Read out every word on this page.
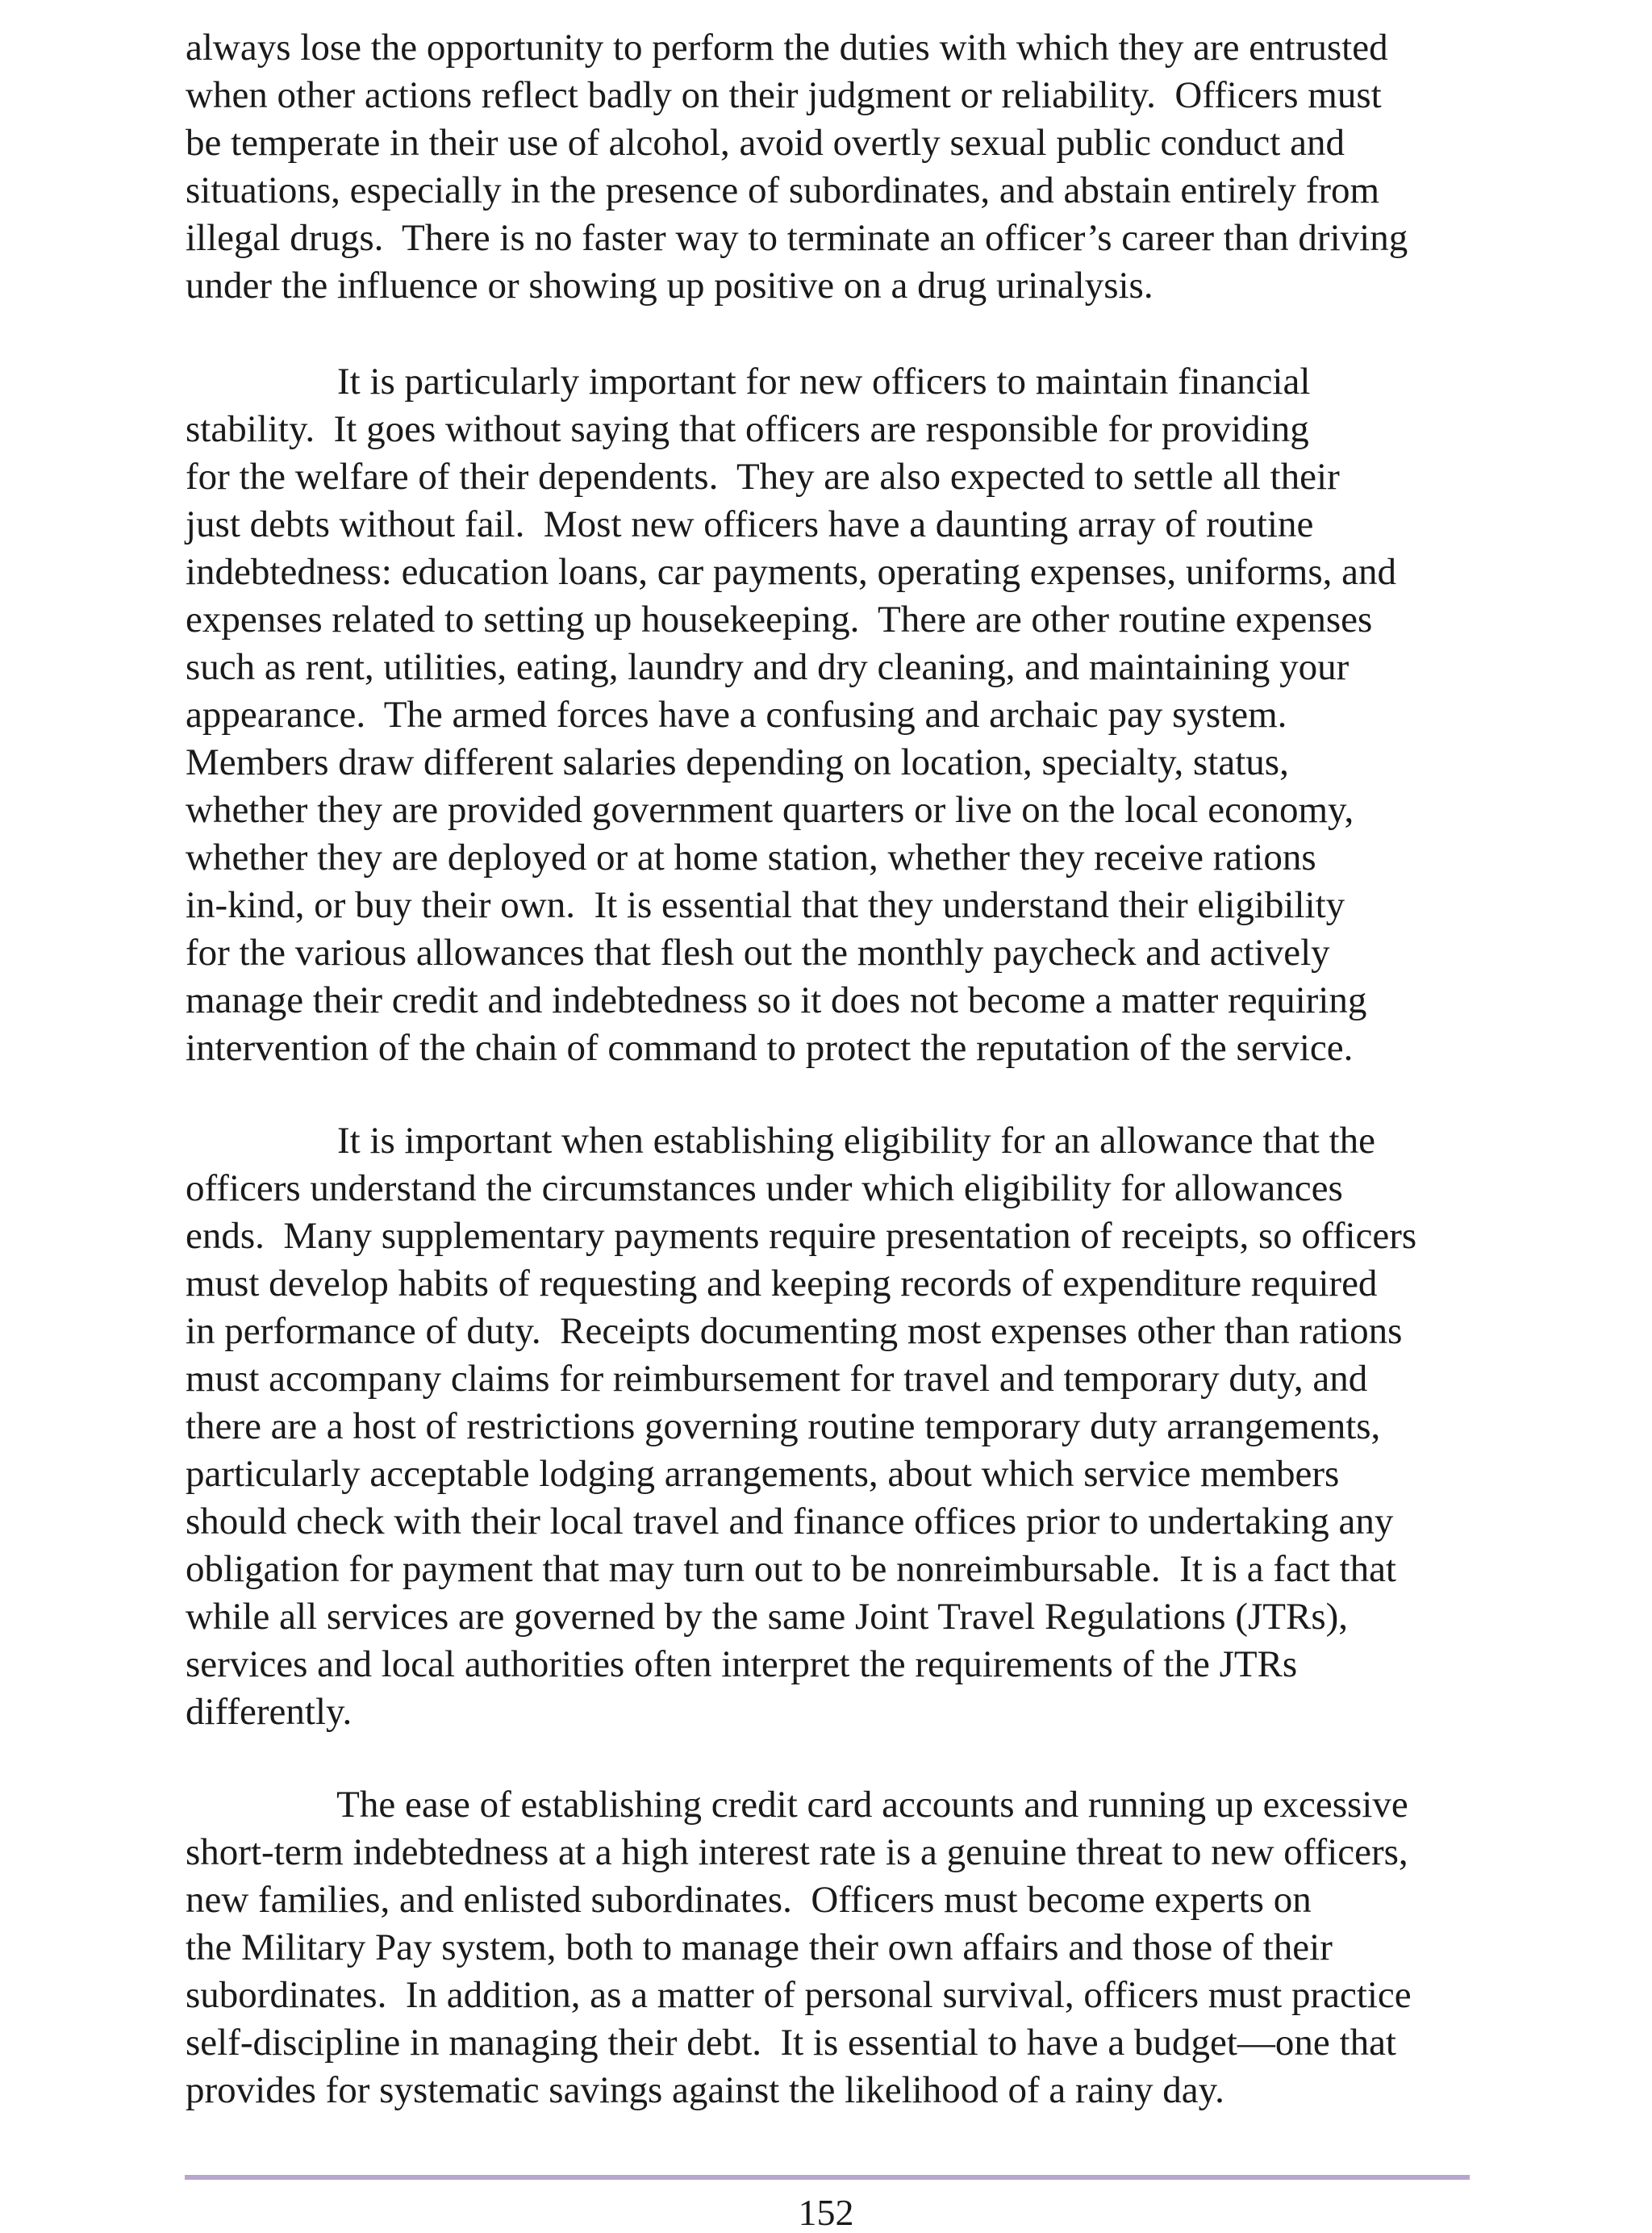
always lose the opportunity to perform the duties with which they are entrusted
when other actions reflect badly on their judgment or reliability.  Officers must
be temperate in their use of alcohol, avoid overtly sexual public conduct and
situations, especially in the presence of subordinates, and abstain entirely from
illegal drugs.  There is no faster way to terminate an officer’s career than driving
under the influence or showing up positive on a drug urinalysis.
It is particularly important for new officers to maintain financial
stability.  It goes without saying that officers are responsible for providing
for the welfare of their dependents.  They are also expected to settle all their
just debts without fail.  Most new officers have a daunting array of routine
indebtedness: education loans, car payments, operating expenses, uniforms, and
expenses related to setting up housekeeping.  There are other routine expenses
such as rent, utilities, eating, laundry and dry cleaning, and maintaining your
appearance.  The armed forces have a confusing and archaic pay system.
Members draw different salaries depending on location, specialty, status,
whether they are provided government quarters or live on the local economy,
whether they are deployed or at home station, whether they receive rations
in-kind, or buy their own.  It is essential that they understand their eligibility
for the various allowances that flesh out the monthly paycheck and actively
manage their credit and indebtedness so it does not become a matter requiring
intervention of the chain of command to protect the reputation of the service.
It is important when establishing eligibility for an allowance that the
officers understand the circumstances under which eligibility for allowances
ends.  Many supplementary payments require presentation of receipts, so officers
must develop habits of requesting and keeping records of expenditure required
in performance of duty.  Receipts documenting most expenses other than rations
must accompany claims for reimbursement for travel and temporary duty, and
there are a host of restrictions governing routine temporary duty arrangements,
particularly acceptable lodging arrangements, about which service members
should check with their local travel and finance offices prior to undertaking any
obligation for payment that may turn out to be nonreimbursable.  It is a fact that
while all services are governed by the same Joint Travel Regulations (JTRs),
services and local authorities often interpret the requirements of the JTRs
differently.
The ease of establishing credit card accounts and running up excessive
short-term indebtedness at a high interest rate is a genuine threat to new officers,
new families, and enlisted subordinates.  Officers must become experts on
the Military Pay system, both to manage their own affairs and those of their
subordinates.  In addition, as a matter of personal survival, officers must practice
self-discipline in managing their debt.  It is essential to have a budget—one that
provides for systematic savings against the likelihood of a rainy day.
152
